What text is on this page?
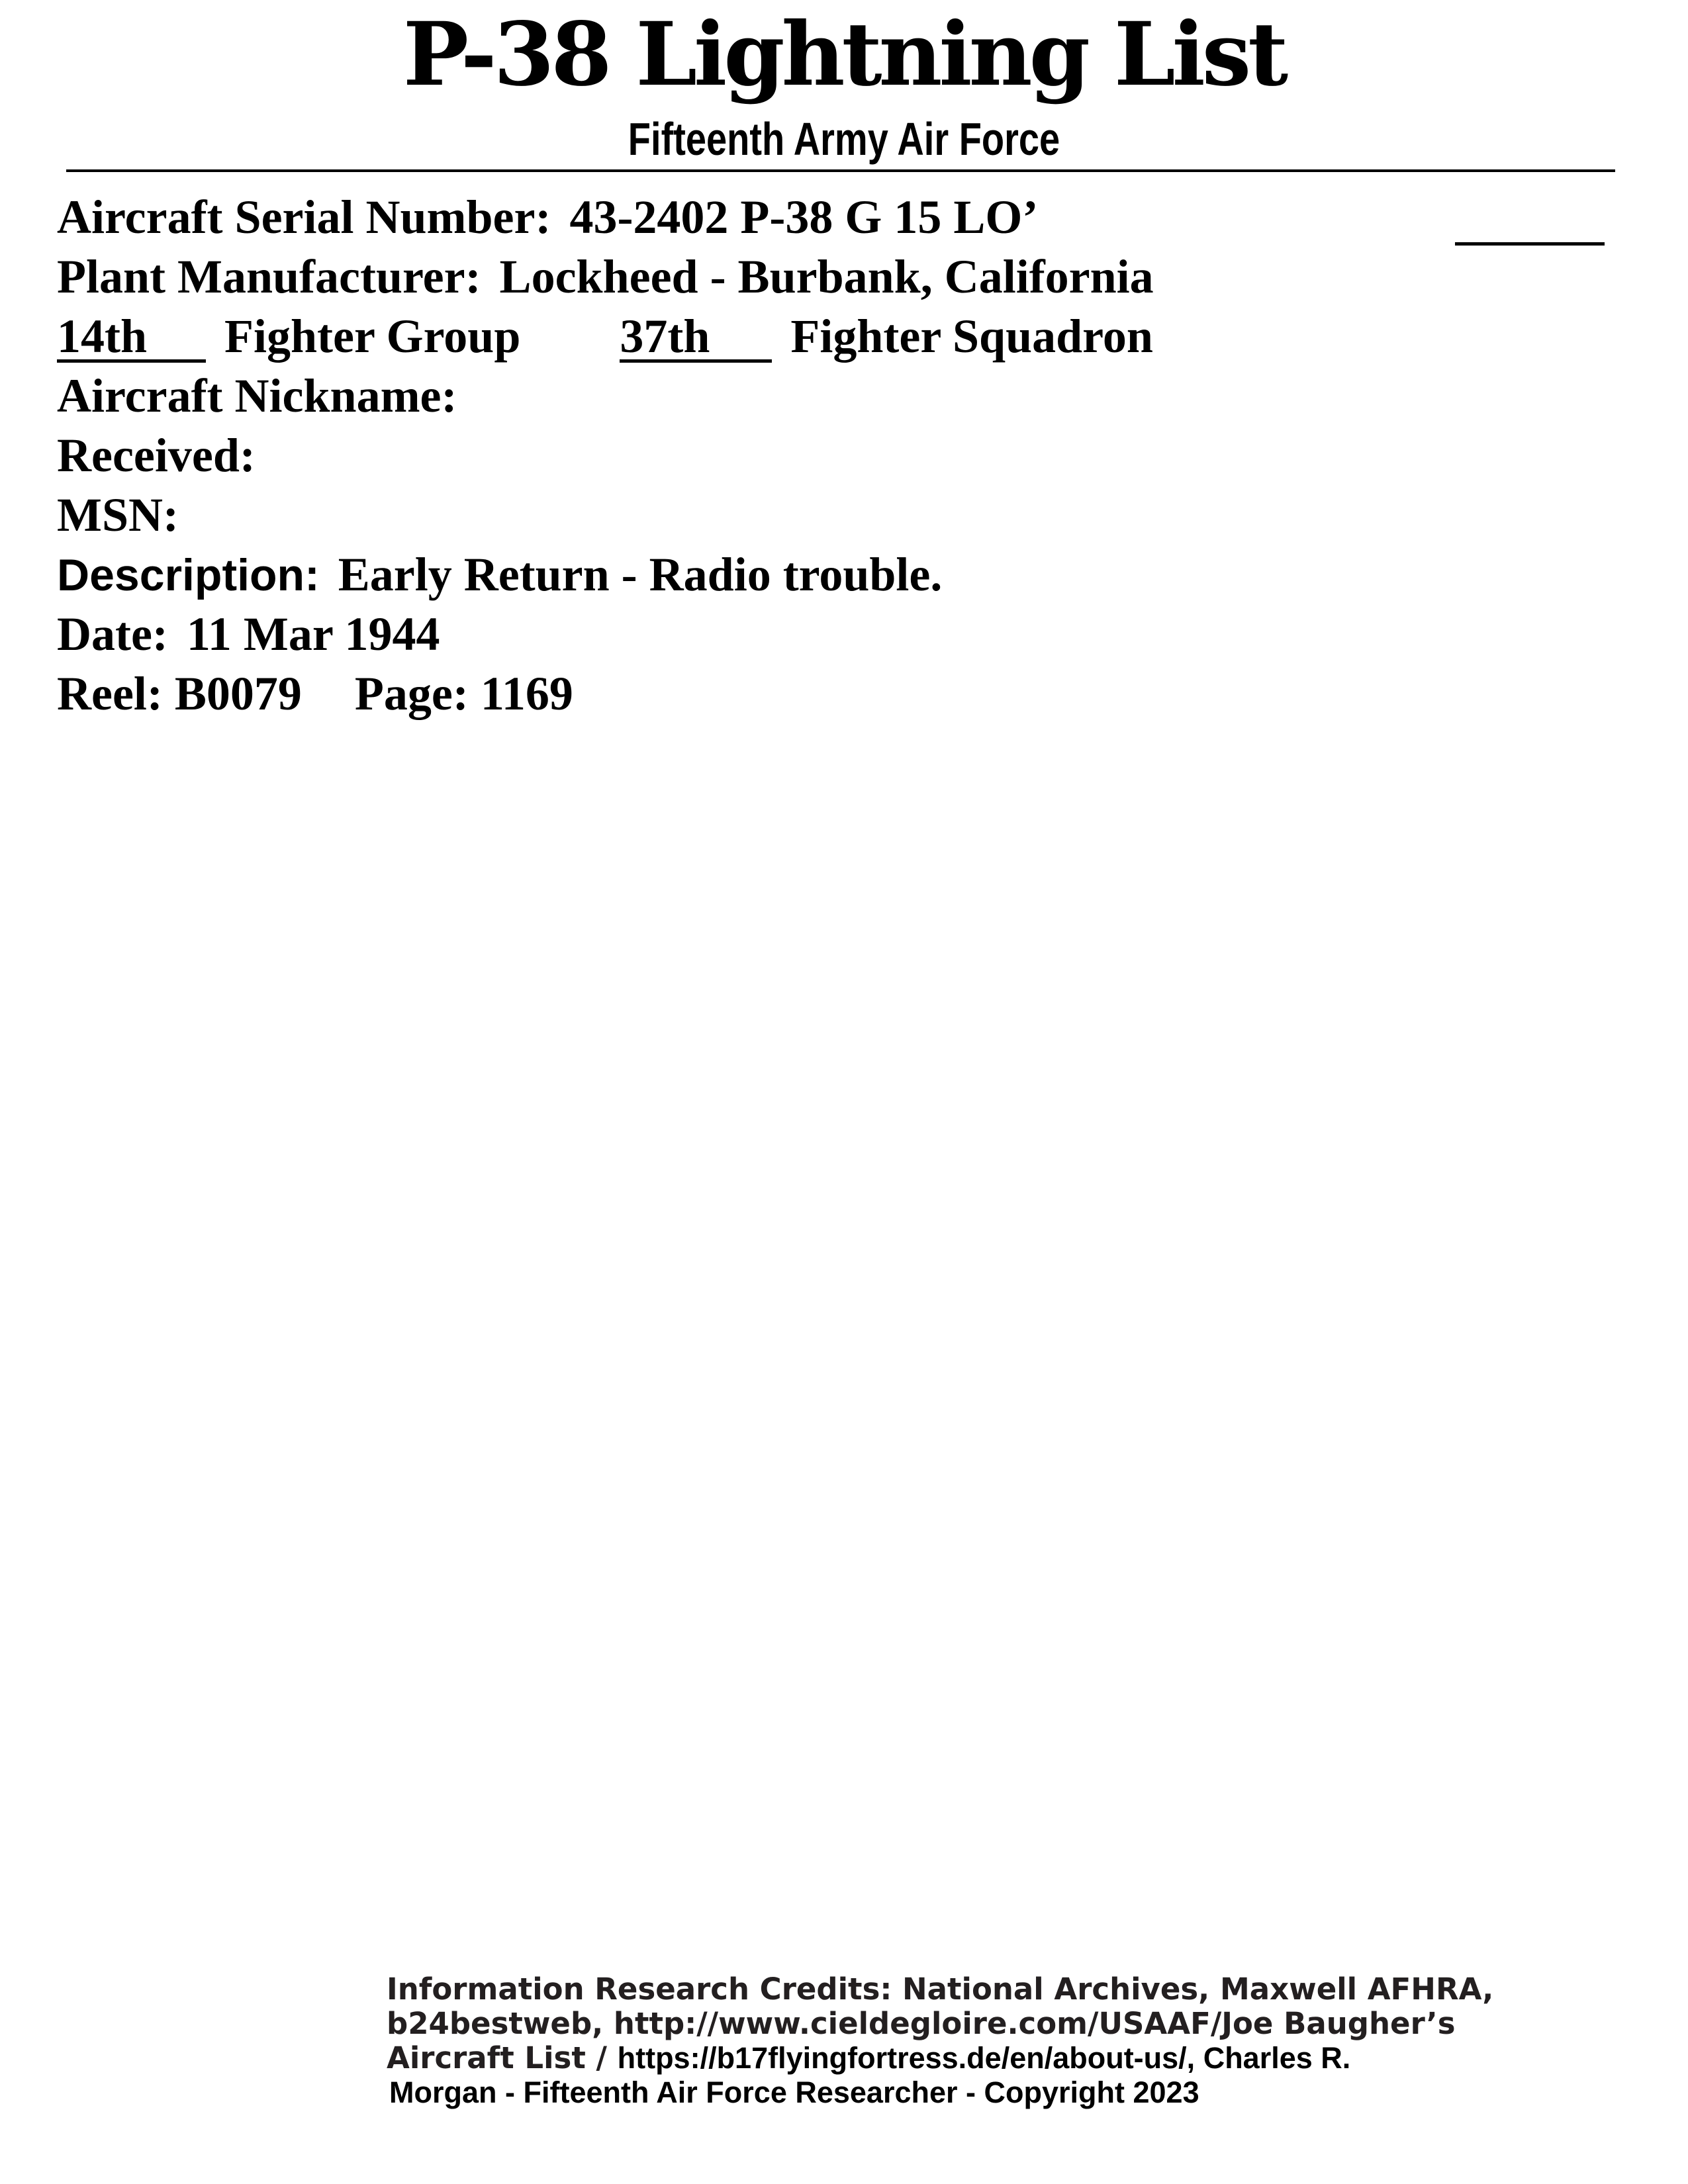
P-38 Lightning List
Fifteenth Army Air Force
Aircraft Serial Number: 43-2402 P-38 G 15 LO’
Plant Manufacturer: Lockheed - Burbank, California
14th Fighter Group 37th Fighter Squadron
Aircraft Nickname:
Received:
MSN:
Description: Early Return - Radio trouble.
Date: 11 Mar 1944
Reel: B0079 Page: 1169
Information Research Credits: National Archives, Maxwell AFHRA,
b24bestweb, http://www.cieldegloire.com/USAAF/Joe Baugher’s
Aircraft List / https://b17flyingfortress.de/en/about-us/, Charles R.
Morgan - Fifteenth Air Force Researcher - Copyright 2023
